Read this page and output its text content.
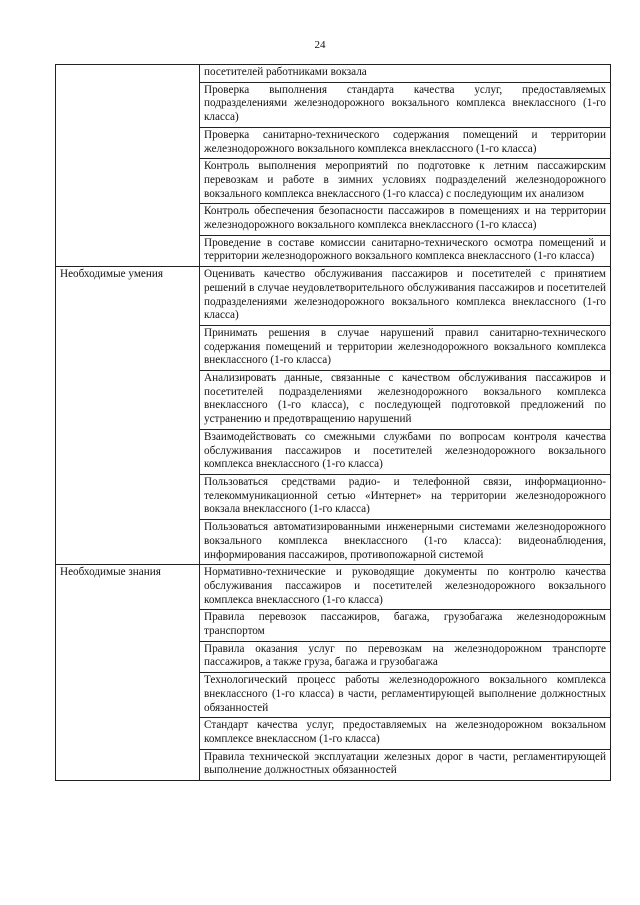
24
	посетителей работниками вокзала
	Проверка выполнения стандарта качества услуг, предоставляемых подразделениями железнодорожного вокзального комплекса внеклассного (1-го класса)
	Проверка санитарно-технического содержания помещений и территории железнодорожного вокзального комплекса внеклассного (1-го класса)
	Контроль выполнения мероприятий по подготовке к летним пассажирским перевозкам и работе в зимних условиях подразделений железнодорожного вокзального комплекса внеклассного (1-го класса) с последующим их анализом
	Контроль обеспечения безопасности пассажиров в помещениях и на территории железнодорожного вокзального комплекса внеклассного (1-го класса)
	Проведение в составе комиссии санитарно-технического осмотра помещений и территории железнодорожного вокзального комплекса внеклассного (1-го класса)
Необходимые умения	Оценивать качество обслуживания пассажиров и посетителей с принятием решений в случае неудовлетворительного обслуживания пассажиров и посетителей подразделениями железнодорожного вокзального комплекса внеклассного (1-го класса)
	Принимать решения в случае нарушений правил санитарно-технического содержания помещений и территории железнодорожного вокзального комплекса внеклассного (1-го класса)
	Анализировать данные, связанные с качеством обслуживания пассажиров и посетителей подразделениями железнодорожного вокзального комплекса внеклассного (1-го класса), с последующей подготовкой предложений по устранению и предотвращению нарушений
	Взаимодействовать со смежными службами по вопросам контроля качества обслуживания пассажиров и посетителей железнодорожного вокзального комплекса внеклассного (1-го класса)
	Пользоваться средствами радио- и телефонной связи, информационно-телекоммуникационной сетью «Интернет» на территории железнодорожного вокзала внеклассного (1-го класса)
	Пользоваться автоматизированными инженерными системами железнодорожного вокзального комплекса внеклассного (1-го класса): видеонаблюдения, информирования пассажиров, противопожарной системой
Необходимые знания	Нормативно-технические и руководящие документы по контролю качества обслуживания пассажиров и посетителей железнодорожного вокзального комплекса внеклассного (1-го класса)
	Правила перевозок пассажиров, багажа, грузобагажа железнодорожным транспортом
	Правила оказания услуг по перевозкам на железнодорожном транспорте пассажиров, а также груза, багажа и грузобагажа
	Технологический процесс работы железнодорожного вокзального комплекса внеклассного (1-го класса) в части, регламентирующей выполнение должностных обязанностей
	Стандарт качества услуг, предоставляемых на железнодорожном вокзальном комплексе внеклассном (1-го класса)
	Правила технической эксплуатации железных дорог в части, регламентирующей выполнение должностных обязанностей
